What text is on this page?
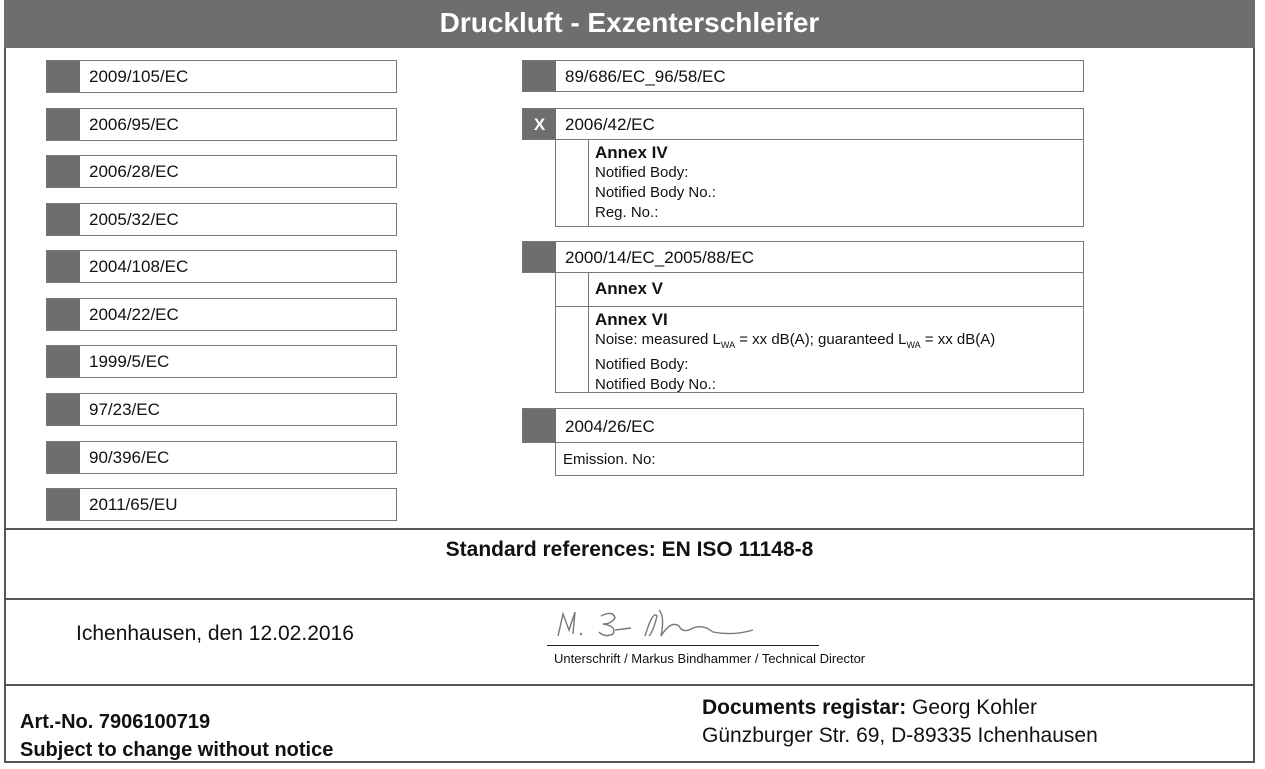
Druckluft - Exzenterschleifer
2009/105/EC
2006/95/EC
2006/28/EC
2005/32/EC
2004/108/EC
2004/22/EC
1999/5/EC
97/23/EC
90/396/EC
2011/65/EU
89/686/EC_96/58/EC
X	2006/42/EC
Annex IV
Notified Body:
Notified Body No.:
Reg. No.:
2000/14/EC_2005/88/EC
Annex V
Annex VI
Noise: measured $L_{WA}$ = xx dB(A); guaranteed $L_{WA}$ = xx dB(A)
Notified Body:
Notified Body No.:
2004/26/EC
Emission. No:
Standard references: EN ISO 11148-8
Ichenhausen, den 12.02.2016
Unterschrift / Markus Bindhammer / Technical Director
Art.-No. 7906100719
Subject to change without notice
Documents registar: Georg Kohler
Günzburger Str. 69, D-89335 Ichenhausen
